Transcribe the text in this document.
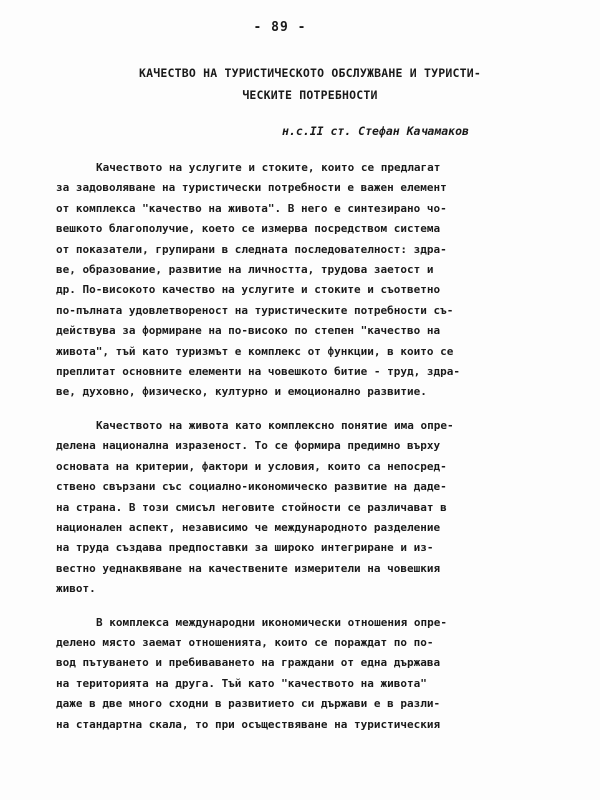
- 89 -
КАЧЕСТВО НА ТУРИСТИЧЕСКОТО ОБСЛУЖВАНЕ И ТУРИСТИ-
ЧЕСКИТЕ ПОТРЕБНОСТИ
н.с.II ст. Стефан Качамаков

Качеството на услугите и стоките, които се предлагат
за задоволяване на туристически потребности е важен елемент
от комплекса "качество на живота". В него е синтезирано чо-
вешкото благополучие, което се измерва посредством система
от показатели, групирани в следната последователност: здра-
ве, образование, развитие на личността, трудова заетост и
др. По-високото качество на услугите и стоките и съответно
по-пълната удовлетвореност на туристическите потребности съ-
действува за формиране на по-високо по степен "качество на
живота", тъй като туризмът е комплекс от функции, в които се
преплитат основните елементи на човешкото битие - труд, здра-
ве, духовно, физическо, културно и емоционално развитие.

Качеството на живота като комплексно понятие има опре-
делена национална изразеност. То се формира предимно върху
основата на критерии, фактори и условия, които са непосред-
ствено свързани със социално-икономическо развитие на даде-
на страна. В този смисъл неговите стойности се различават в
национален аспект, независимо че международното разделение
на труда създава предпоставки за широко интегриране и из-
вестно уеднаквяване на качествените измерители на човешкия
живот.

В комплекса международни икономически отношения опре-
делено място заемат отношенията, които се пораждат по по-
вод пътуването и пребиваването на граждани от една държава
на територията на друга. Тъй като "качеството на живота"
даже в две много сходни в развитието си държави е в разли-
на стандартна скала, то при осъществяване на туристическия
